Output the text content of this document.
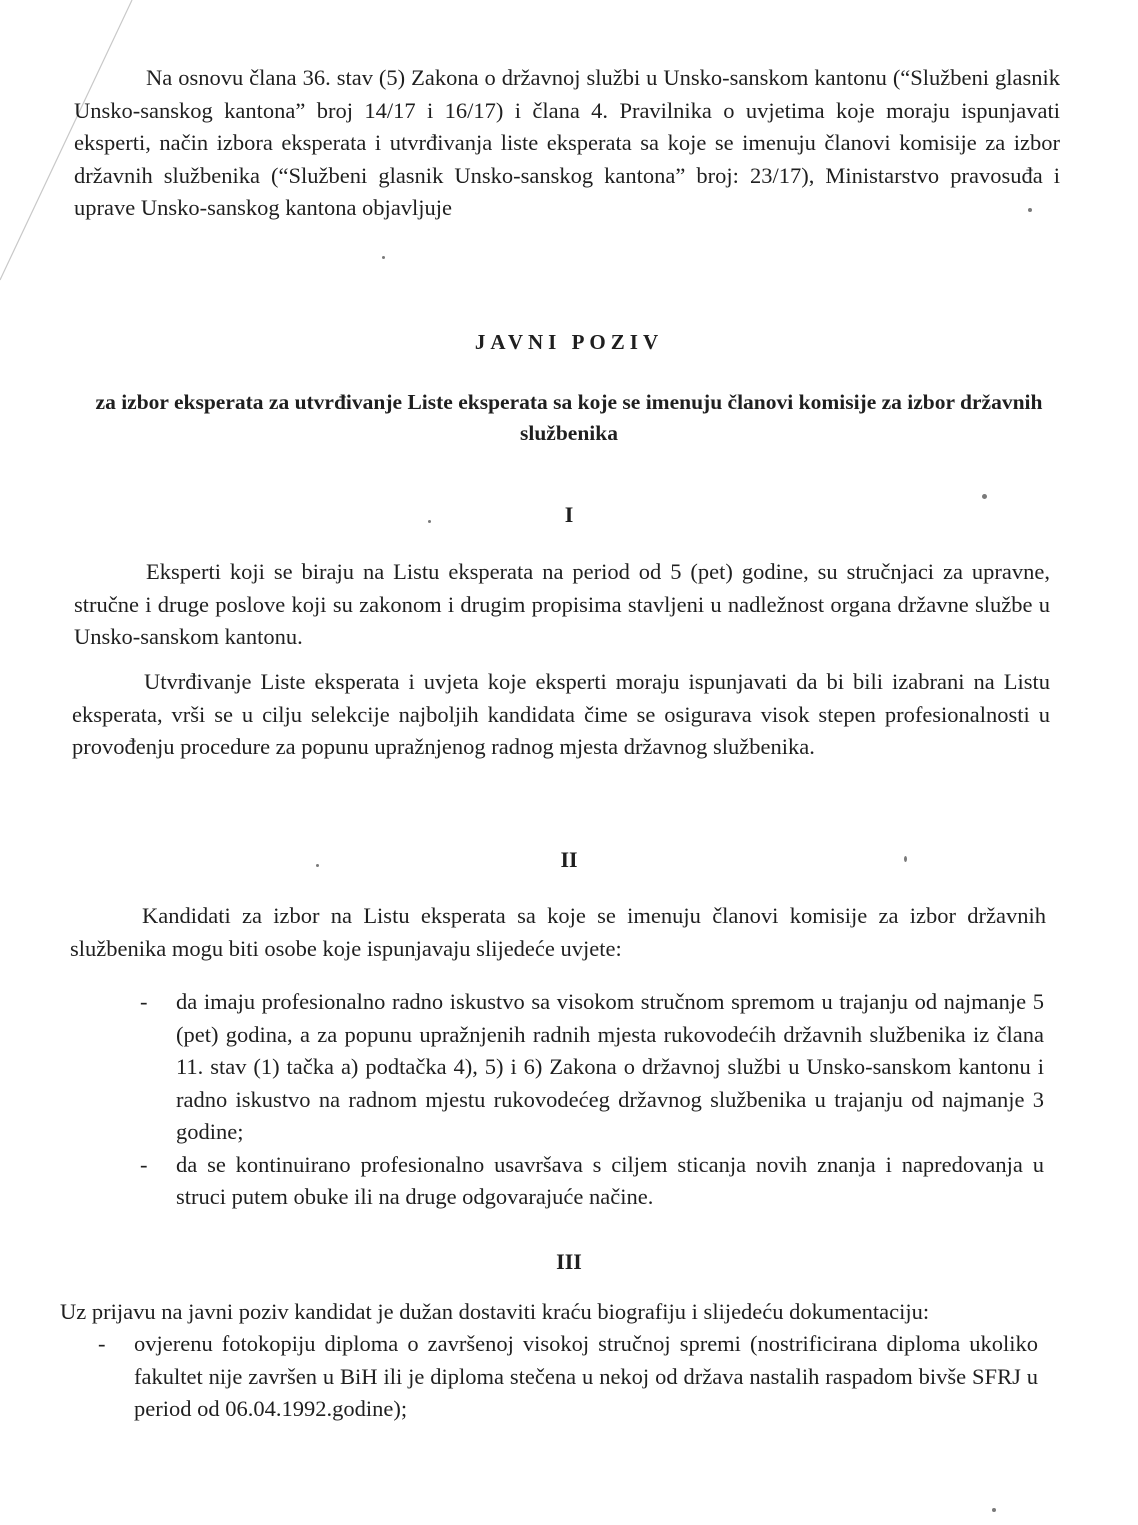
Na osnovu člana 36. stav (5) Zakona o državnoj službi u Unsko-sanskom kantonu (“Službeni glasnik Unsko-sanskog kantona” broj 14/17 i 16/17) i člana 4. Pravilnika o uvjetima koje moraju ispunjavati eksperti, način izbora eksperata i utvrđivanja liste eksperata sa koje se imenuju članovi komisije za izbor državnih službenika (“Službeni glasnik Unsko-sanskog kantona” broj: 23/17), Ministarstvo pravosuđa i uprave Unsko-sanskog kantona objavljuje

JAVNI POZIV

za izbor eksperata za utvrđivanje Liste eksperata sa koje se imenuju članovi komisije za izbor državnih službenika

I

Eksperti koji se biraju na Listu eksperata na period od 5 (pet) godine, su stručnjaci za upravne, stručne i druge poslove koji su zakonom i drugim propisima stavljeni u nadležnost organa državne službe u Unsko-sanskom kantonu.

Utvrđivanje Liste eksperata i uvjeta koje eksperti moraju ispunjavati da bi bili izabrani na Listu eksperata, vrši se u cilju selekcije najboljih kandidata čime se osigurava visok stepen profesionalnosti u provođenju procedure za popunu upražnjenog radnog mjesta državnog službenika.

II

Kandidati za izbor na Listu eksperata sa koje se imenuju članovi komisije za izbor državnih službenika mogu biti osobe koje ispunjavaju slijedeće uvjete:

- da imaju profesionalno radno iskustvo sa visokom stručnom spremom u trajanju od najmanje 5 (pet) godina, a za popunu upražnjenih radnih mjesta rukovodećih državnih službenika iz člana 11. stav (1) tačka a) podtačka 4), 5) i 6) Zakona o državnoj službi u Unsko-sanskom kantonu i radno iskustvo na radnom mjestu rukovodećeg državnog službenika u trajanju od najmanje 3 godine;
- da se kontinuirano profesionalno usavršava s ciljem sticanja novih znanja i napredovanja u struci putem obuke ili na druge odgovarajuće načine.

III

Uz prijavu na javni poziv kandidat je dužan dostaviti kraću biografiju i slijedeću dokumentaciju:

- ovjerenu fotokopiju diploma o završenoj visokoj stručnoj spremi (nostrificirana diploma ukoliko fakultet nije završen u BiH ili je diploma stečena u nekoj od država nastalih raspadom bivše SFRJ u period od 06.04.1992.godine);
